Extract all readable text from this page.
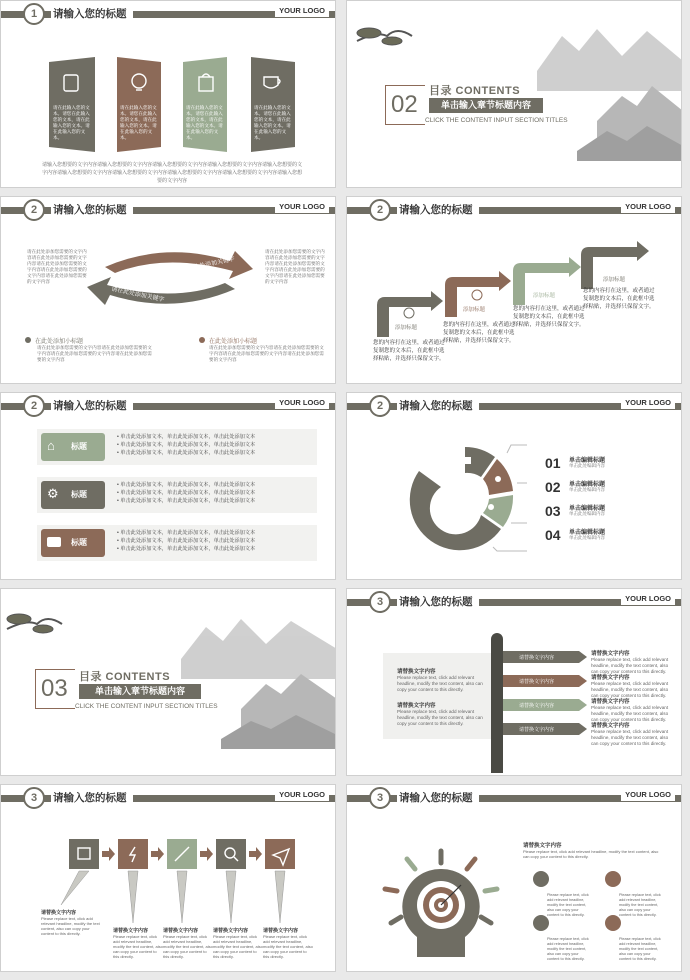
1	请输入您的标题	YOUR LOGO
请在此输入您的文本。请您在此输入您的文本，请在此输入您的文本。请在此输入您的文本。
请在此输入您的文本。请您在此输入您的文本，请在此输入您的文本。请在此输入您的文本。
请在此输入您的文本。请您在此输入您的文本，请在此输入您的文本。请在此输入您的文本。
请在此输入您的文本。请您在此输入您的文本，请在此输入您的文本。请在此输入您的文本。
请输入您想要的文字内容请输入您想要的文字内容请输入您想要的文字内容请输入您想要的文字内容请输入您想要的文字内容请输入您想要的文字内容请输入您想要的文字内容请输入您想要的文字内容请输入您想要的文字内容请输入您想要的文字内容
02 目录 CONTENTS
单击输入章节标题内容
CLICK THE CONTENT INPUT SECTION TITLES
2	请输入您的标题	YOUR LOGO
请在此处添加关键字
请在此处添加关键字
请在此处添加您需要的文字内容请在此处添加您需要的文字内容请在此处添加您需要的文字内容请在此处添加您需要的文字内容请在此处添加您需要的文字内容
请在此处添加您需要的文字内容请在此处添加您需要的文字内容请在此处添加您需要的文字内容请在此处添加您需要的文字内容请在此处添加您需要的文字内容
在此处添加小标题
请在此处添加您需要的文字内容请在此处添加您需要的文字内容请在此处添加您需要的文字内容请在此处添加您需要的文字内容
在此处添加小标题
请在此处添加您需要的文字内容请在此处添加您需要的文字内容请在此处添加您需要的文字内容请在此处添加您需要的文字内容
2	请输入您的标题	YOUR LOGO
添加标题
添加标题
添加标题
添加标题
您的内容打在这里，或者通过复制您的文本后，在此框中选择粘贴，并选择只保留文字。
您的内容打在这里，或者通过复制您的文本后，在此框中选择粘贴，并选择只保留文字。
您的内容打在这里，或者通过复制您的文本后，在此框中选择粘贴，并选择只保留文字。
您的内容打在这里，或者通过复制您的文本后，在此框中选择粘贴，并选择只保留文字。
2	请输入您的标题	YOUR LOGO
⌂	标题
• 单击此处添加文本，单击此处添加文本，单击此处添加文本
• 单击此处添加文本，单击此处添加文本，单击此处添加文本
• 单击此处添加文本，单击此处添加文本，单击此处添加文本
⚙ 标题
• 单击此处添加文本，单击此处添加文本，单击此处添加文本
• 单击此处添加文本，单击此处添加文本，单击此处添加文本
• 单击此处添加文本，单击此处添加文本，单击此处添加文本
标题
• 单击此处添加文本，单击此处添加文本，单击此处添加文本
• 单击此处添加文本，单击此处添加文本，单击此处添加文本
• 单击此处添加文本，单击此处添加文本，单击此处添加文本
2	请输入您的标题	YOUR LOGO
01 单击编辑标题
单击此处编辑内容
02 单击编辑标题
单击此处编辑内容
03 单击编辑标题
单击此处编辑内容
04 单击编辑标题
单击此处编辑内容
03 目录 CONTENTS
单击输入章节标题内容
CLICK THE CONTENT INPUT SECTION TITLES
3	请输入您的标题	YOUR LOGO
请替换文字内容
Please replace text, click add relevant headline, modify the text content, also can copy your content to this directly.
请替换文字内容
Please replace text, click add relevant headline, modify the text content, also can copy your content to this directly.
请替换文字内容
请替换文字内容
请替换文字内容
请替换文字内容
请替换文字内容
Please replace text, click add relevant headline, modify the text content, also can copy your content to this directly.
请替换文字内容
Please replace text, click add relevant headline, modify the text content, also can copy your content to this directly.
请替换文字内容
Please replace text, click add relevant headline, modify the text content, also can copy your content to this directly.
请替换文字内容
Please replace text, click add relevant headline, modify the text content, also can copy your content to this directly.
3	请输入您的标题	YOUR LOGO
请替换文字内容
Please replace text, click add relevant headline, modify the text content, also can copy your content to this directly.	请替换文字内容
Please replace text, click add relevant headline, modify the text content, also can copy your content to this directly.
请替换文字内容
Please replace text, click add relevant headline, modify the text content, also can copy your content to this directly.
请替换文字内容
Please replace text, click add relevant headline, modify the text content, also can copy your content to this directly.
请替换文字内容
Please replace text, click add relevant headline, modify the text content, also can copy your content to this directly.
3	请输入您的标题	YOUR LOGO
请替换文字内容
Please replace text, click add relevant headline, modify the text content, also can copy your content to this directly.
Please replace text, click add relevant headline, modify the text content, also can copy your content to this directly.
Please replace text, click add relevant headline, modify the text content, also can copy your content to this directly.
Please replace text, click add relevant headline, modify the text content, also can copy your content to this directly.
Please replace text, click add relevant headline, modify the text content, also can copy your content to this directly.
